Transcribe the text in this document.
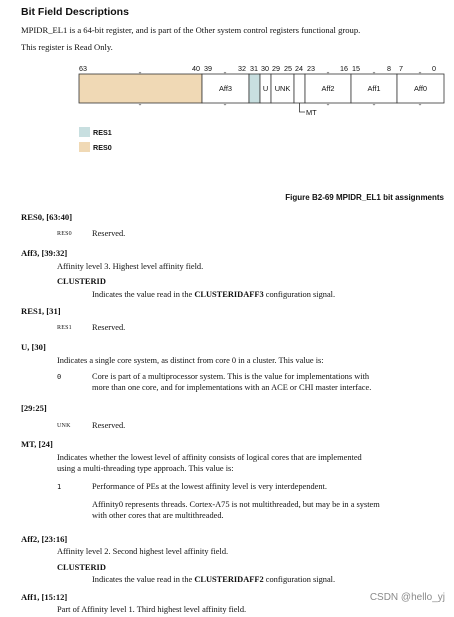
Bit Field Descriptions
MPIDR_EL1 is a 64-bit register, and is part of the Other system control registers functional group.
This register is Read Only.
63	40 39	32 31 30 29 25 24 23	16 15	8 7	0
Aff3	U UNK	Aff2	Aff1	Aff0
MT
RES1
RES0
Figure B2-69 MPIDR_EL1 bit assignments
RES0, [63:40]
RES0 Reserved.
Aff3, [39:32]
Affinity level 3. Highest level affinity field.
CLUSTERID
Indicates the value read in the CLUSTERIDAFF3 configuration signal.
RES1, [31]
RES1 Reserved.
U, [30]
Indicates a single core system, as distinct from core 0 in a cluster. This value is:
0	Core is part of a multiprocessor system. This is the value for implementations with
more than one core, and for implementations with an ACE or CHI master interface.
[29:25]
UNK	Reserved.
MT, [24]
Indicates whether the lowest level of affinity consists of logical cores that are implemented
using a multi-threading type approach. This value is:
1	Performance of PEs at the lowest affinity level is very interdependent.
Affinity0 represents threads. Cortex-A75 is not multithreaded, but may be in a system
with other cores that are multithreaded.
Aff2, [23:16]
Affinity level 2. Second highest level affinity field.
CLUSTERID
Indicates the value read in the CLUSTERIDAFF2 configuration signal.
Aff1, [15:12]
Part of Affinity level 1. Third highest level affinity field.
CSDN @hello_yj
